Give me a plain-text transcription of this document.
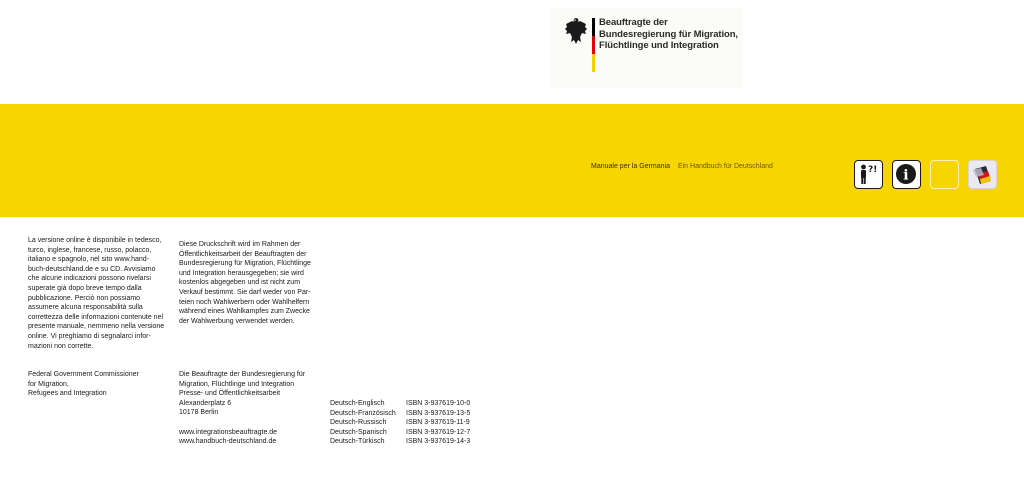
Beauftragte der
Bundesregierung für Migration,
Flüchtlinge und Integration
Manuale per la Germania Ein Handbuch für Deutschland	?! i
La versione online è disponibile in tedesco,
turco, inglese, francese, russo, polacco,
italiano e spagnolo, nel sito www.hand-
buch-deutschland.de e su CD. Avvisiamo
che alcune indicazioni possono rivelarsi
superate già dopo breve tempo dalla
pubblicazione. Perciò non possiamo
assumere alcuna responsabilità sulla
correttezza delle informazioni contenute nel
presente manuale, nemmeno nella versione
online. Vi preghiamo di segnalarci infor-
mazioni non corrette.
Diese Druckschrift wird im Rahmen der
Öffentlichkeitsarbeit der Beauftragten der
Bundesregierung für Migration, Flüchtlinge
und Integration herausgegeben; sie wird
kostenlos abgegeben und ist nicht zum
Verkauf bestimmt. Sie darf weder von Par-
teien noch Wahlwerbern oder Wahlhelfern
während eines Wahlkampfes zum Zwecke
der Wahlwerbung verwendet werden.
Federal Government Commissioner
for Migration,
Refugees and Integration
Die Beauftragte der Bundesregierung für
Migration, Flüchtlinge und Integration
Presse- und Öffentlichkeitsarbeit
Alexanderplatz 6
10178 Berlin
www.integrationsbeauftragte.de
www.handbuch-deutschland.de
Deutsch-Englisch
Deutsch-Französisch
Deutsch-Russisch
Deutsch-Spanisch
Deutsch-Türkisch
ISBN 3-937619-10-0
ISBN 3-937619-13-5
ISBN 3-937619-11-9
ISBN 3-937619-12-7
ISBN 3-937619-14-3
